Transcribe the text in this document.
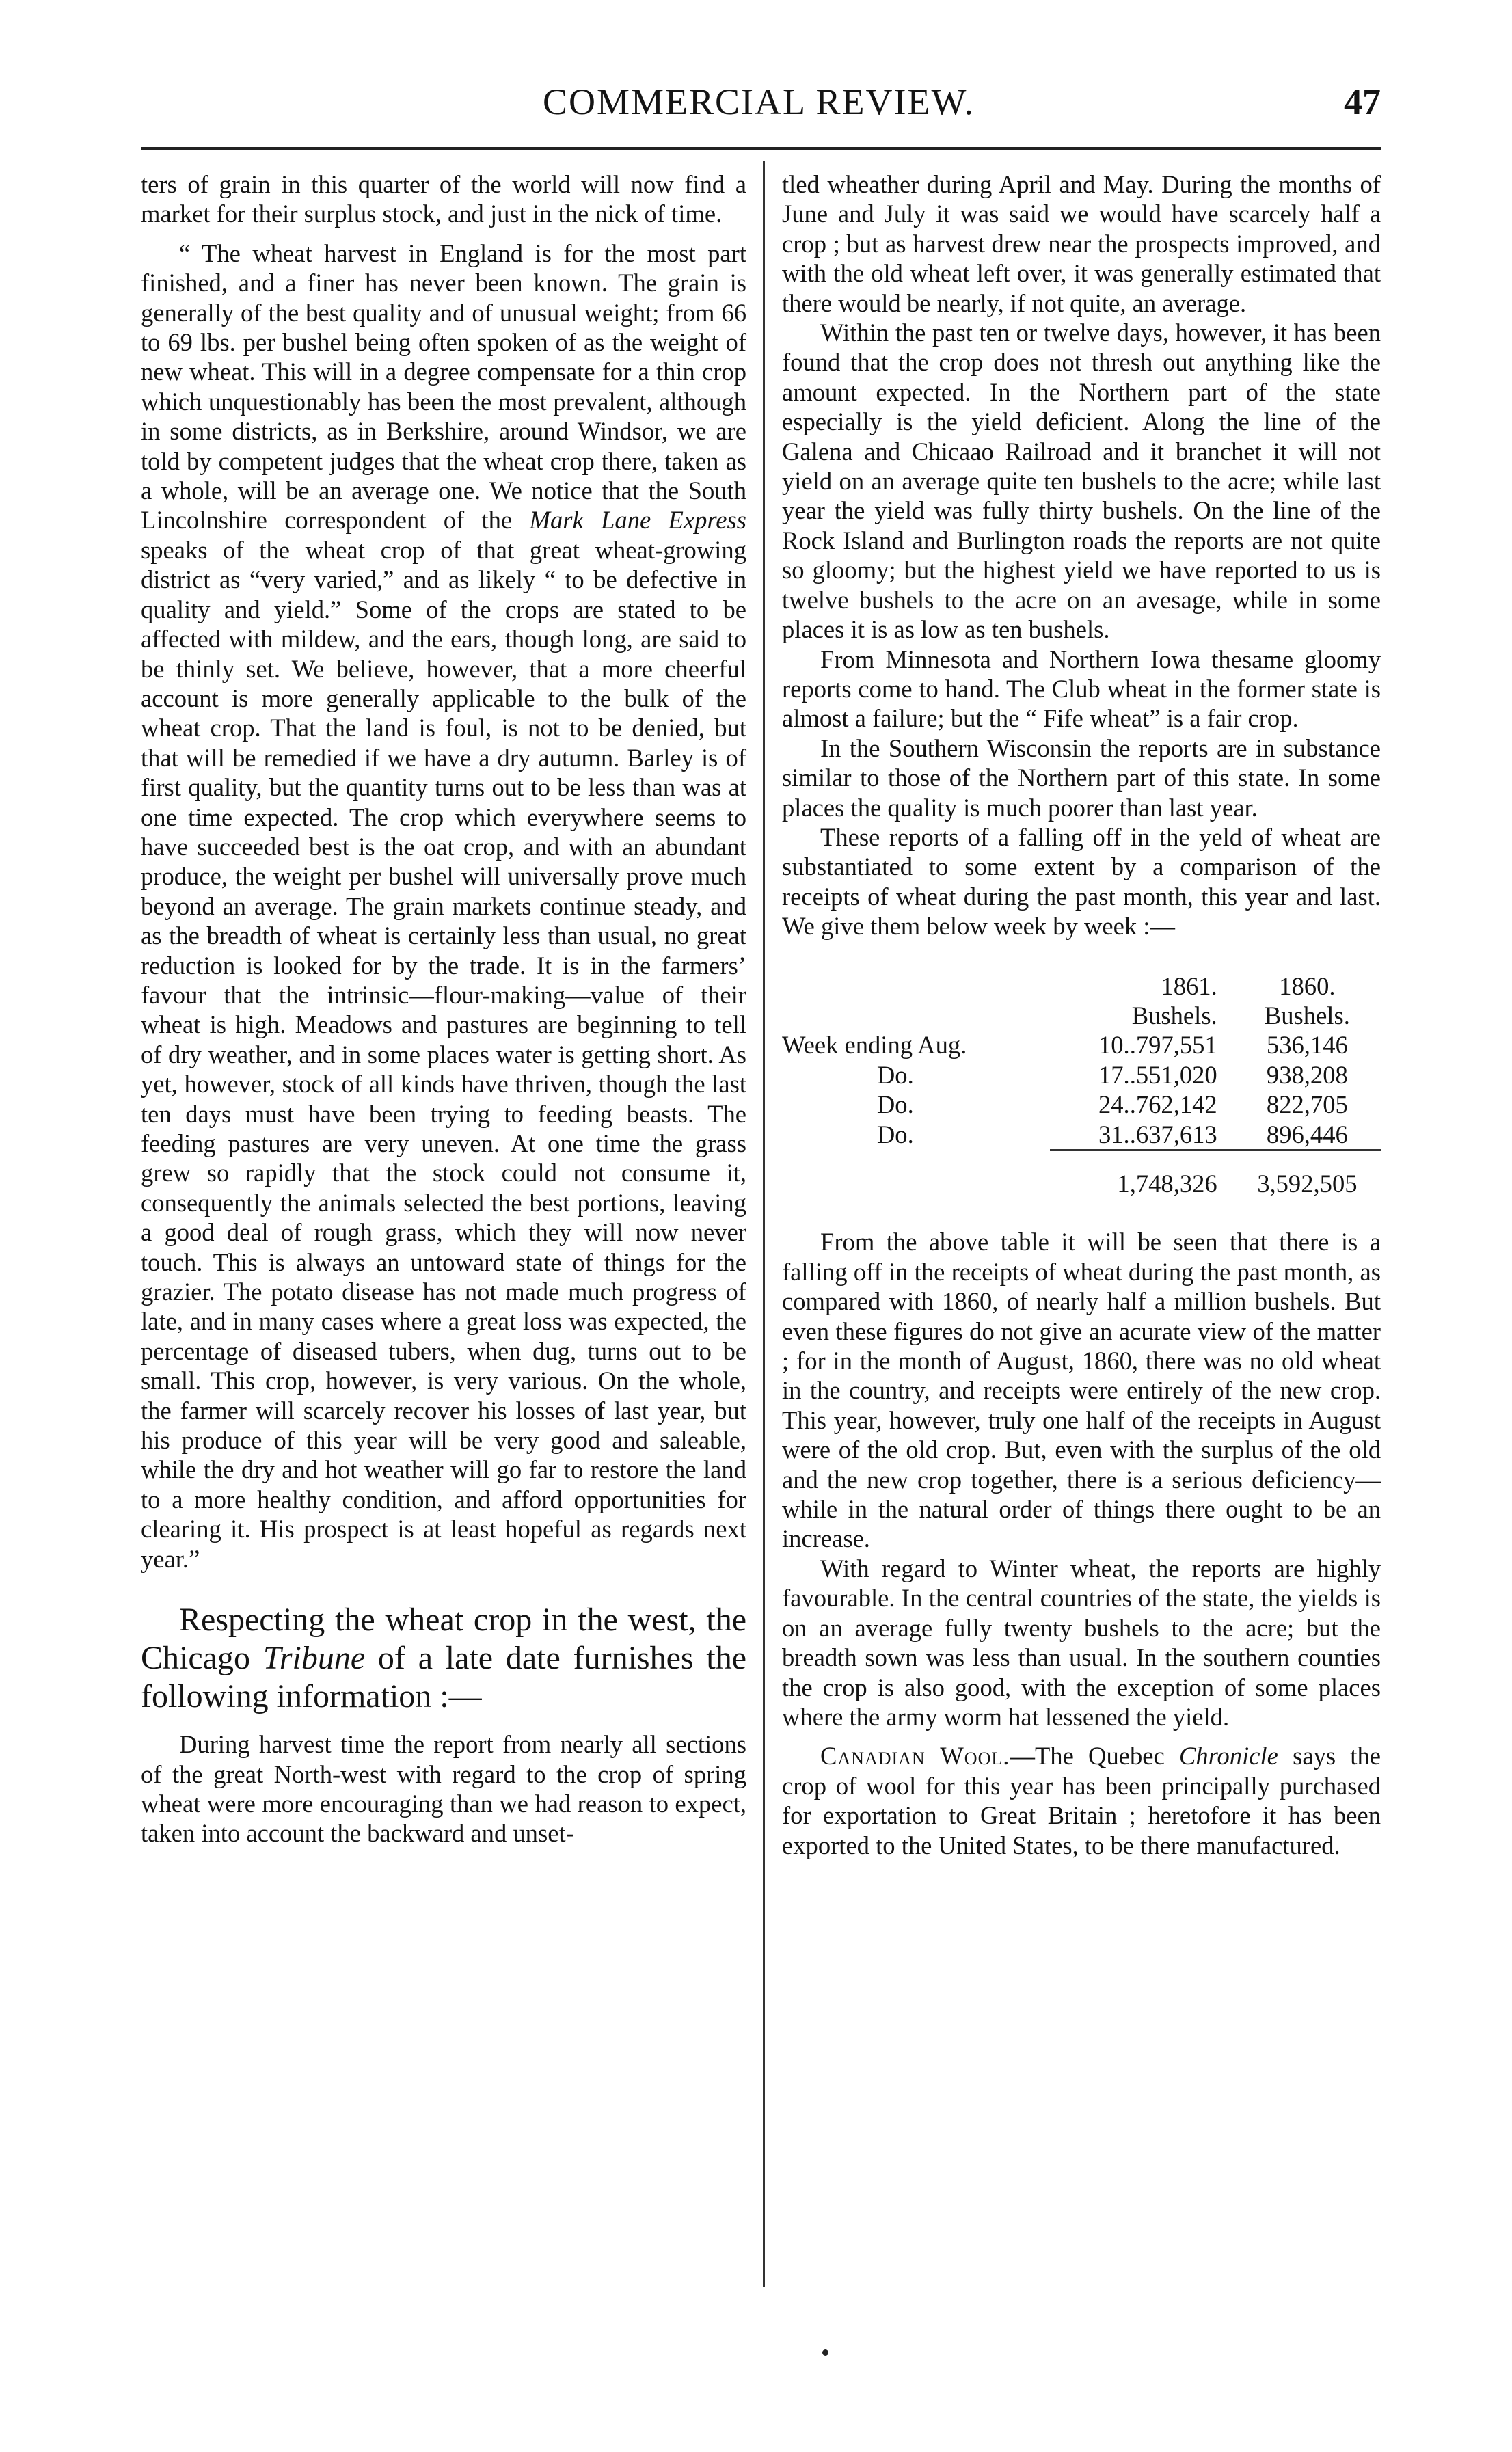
COMMERCIAL REVIEW.	47

ters of grain in this quarter of the world will now find a market for their surplus stock, and just in the nick of time.

“ The wheat harvest in England is for the most part finished, and a finer has never been known. The grain is generally of the best quality and of unusual weight; from 66 to 69 lbs. per bushel being often spoken of as the weight of new wheat. This will in a degree compensate for a thin crop which unquestionably has been the most prevalent, although in some districts, as in Berkshire, around Windsor, we are told by competent judges that the wheat crop there, taken as a whole, will be an average one. We notice that the South Lincolnshire correspondent of the Mark Lane Express speaks of the wheat crop of that great wheat-growing district as “very varied,” and as likely “ to be defective in quality and yield.” Some of the crops are stated to be affected with mildew, and the ears, though long, are said to be thinly set. We believe, however, that a more cheerful account is more generally applicable to the bulk of the wheat crop. That the land is foul, is not to be denied, but that will be remedied if we have a dry autumn. Barley is of first quality, but the quantity turns out to be less than was at one time expected. The crop which everywhere seems to have succeeded best is the oat crop, and with an abundant produce, the weight per bushel will universally prove much beyond an average. The grain markets continue steady, and as the breadth of wheat is certainly less than usual, no great reduction is looked for by the trade. It is in the farmers’ favour that the intrinsic—flour-making—value of their wheat is high. Meadows and pastures are beginning to tell of dry weather, and in some places water is getting short. As yet, however, stock of all kinds have thriven, though the last ten days must have been trying to feeding beasts. The feeding pastures are very uneven. At one time the grass grew so rapidly that the stock could not consume it, consequently the animals selected the best portions, leaving a good deal of rough grass, which they will now never touch. This is always an untoward state of things for the grazier. The potato disease has not made much progress of late, and in many cases where a great loss was expected, the percentage of diseased tubers, when dug, turns out to be small. This crop, however, is very various. On the whole, the farmer will scarcely recover his losses of last year, but his produce of this year will be very good and saleable, while the dry and hot weather will go far to restore the land to a more healthy condition, and afford opportunities for clearing it. His prospect is at least hopeful as regards next year.”

Respecting the wheat crop in the west, the Chicago Tribune of a late date furnishes the following information :—

During harvest time the report from nearly all sections of the great North-west with regard to the crop of spring wheat were more encouraging than we had reason to expect, taken into account the backward and unset-

tled wheather during April and May. During the months of June and July it was said we would have scarcely half a crop ; but as harvest drew near the prospects improved, and with the old wheat left over, it was generally estimated that there would be nearly, if not quite, an average.

Within the past ten or twelve days, however, it has been found that the crop does not thresh out anything like the amount expected. In the Northern part of the state especially is the yield deficient. Along the line of the Galena and Chicaao Railroad and it branchet it will not yield on an average quite ten bushels to the acre; while last year the yield was fully thirty bushels. On the line of the Rock Island and Burlington roads the reports are not quite so gloomy; but the highest yield we have reported to us is twelve bushels to the acre on an avesage, while in some places it is as low as ten bushels.

From Minnesota and Northern Iowa thesame gloomy reports come to hand. The Club wheat in the former state is almost a failure; but the “ Fife wheat” is a fair crop.

In the Southern Wisconsin the reports are in substance similar to those of the Northern part of this state. In some places the quality is much poorer than last year.

These reports of a falling off in the yeld of wheat are substantiated to some extent by a comparison of the receipts of wheat during the past month, this year and last. We give them below week by week :—

	1861.	1860.
	Bushels.	Bushels.
Week ending Aug.	10..797,551	536,146
Do.	17..551,020	938,208
Do.	24..762,142	822,705
Do.	31..637,613	896,446
	1,748,326	3,592,505

From the above table it will be seen that there is a falling off in the receipts of wheat during the past month, as compared with 1860, of nearly half a million bushels. But even these figures do not give an acurate view of the matter ; for in the month of August, 1860, there was no old wheat in the country, and receipts were entirely of the new crop. This year, however, truly one half of the receipts in August were of the old crop. But, even with the surplus of the old and the new crop together, there is a serious deficiency—while in the natural order of things there ought to be an increase.

With regard to Winter wheat, the reports are highly favourable. In the central countries of the state, the yields is on an average fully twenty bushels to the acre; but the breadth sown was less than usual. In the southern counties the crop is also good, with the exception of some places where the army worm hat lessened the yield.

Canadian Wool.—The Quebec Chronicle says the crop of wool for this year has been principally purchased for exportation to Great Britain ; heretofore it has been exported to the United States, to be there manufactured.
